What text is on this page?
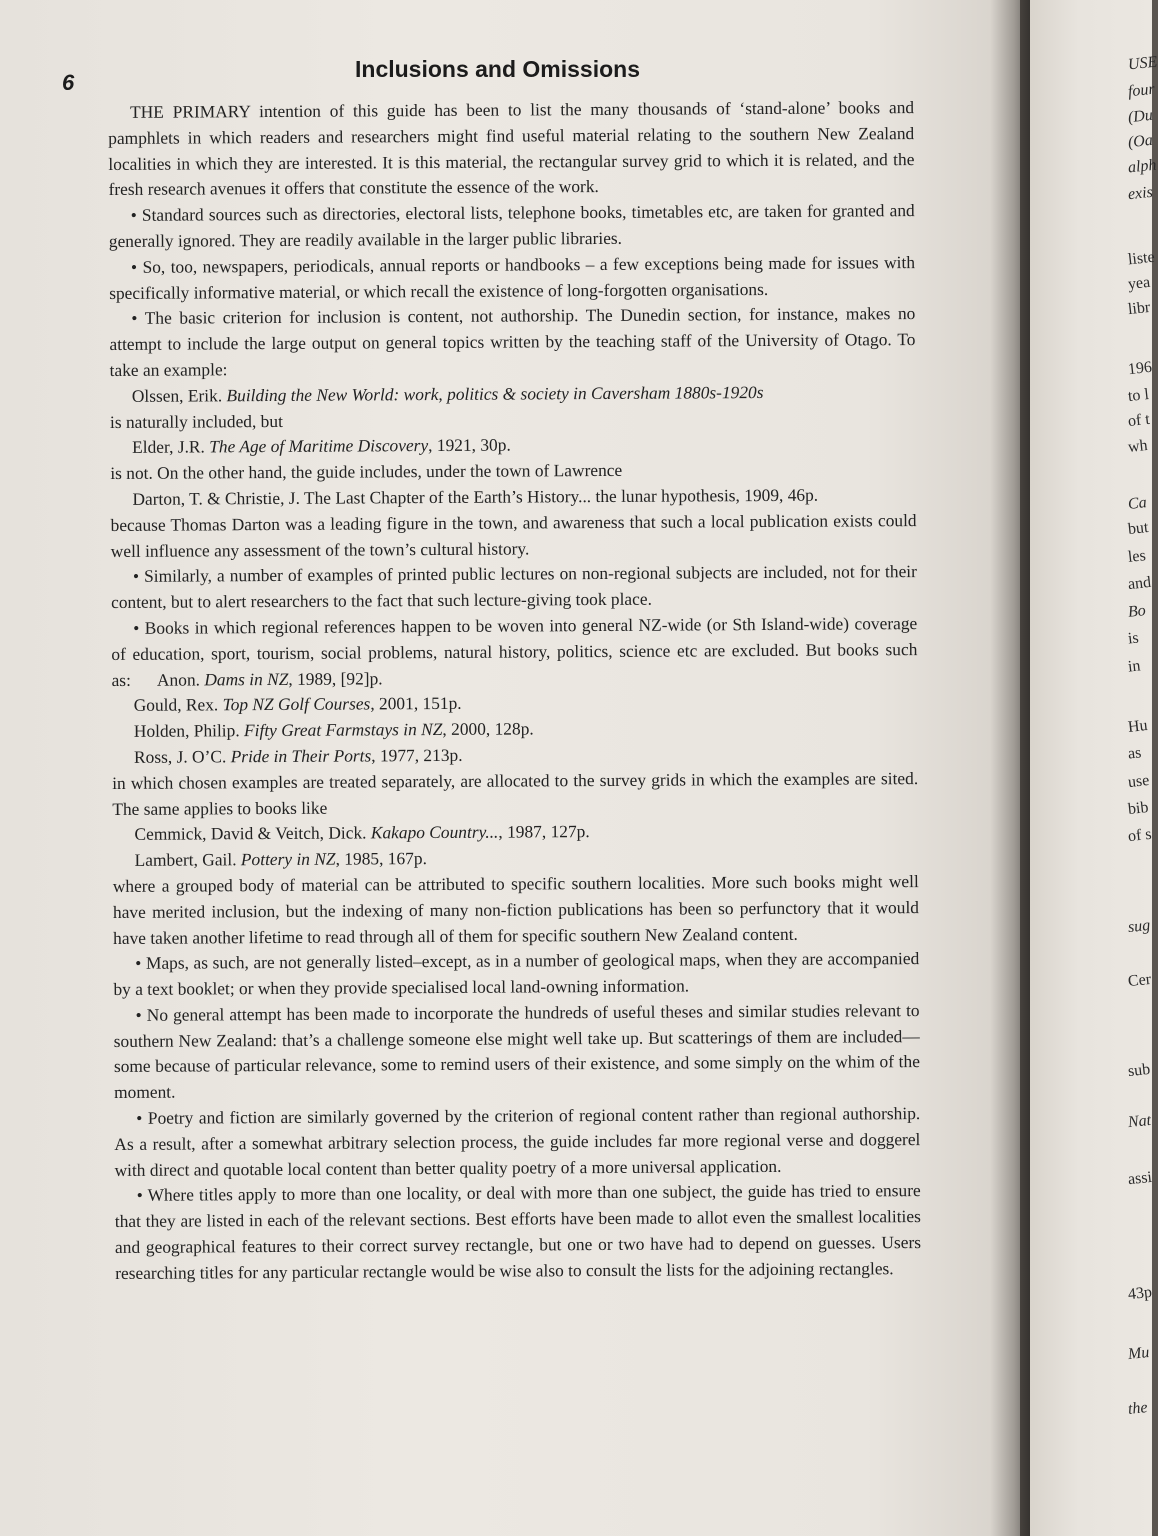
6
Inclusions and Omissions

THE PRIMARY intention of this guide has been to list the many thousands of ‘stand-alone’ books and pamphlets in which readers and researchers might find useful material relating to the southern New Zealand localities in which they are interested. It is this material, the rectangular survey grid to which it is related, and the fresh research avenues it offers that constitute the essence of the work.

• Standard sources such as directories, electoral lists, telephone books, timetables etc, are taken for granted and generally ignored. They are readily available in the larger public libraries.

• So, too, newspapers, periodicals, annual reports or handbooks – a few exceptions being made for issues with specifically informative material, or which recall the existence of long-forgotten organisations.

• The basic criterion for inclusion is content, not authorship. The Dunedin section, for instance, makes no attempt to include the large output on general topics written by the teaching staff of the University of Otago. To take an example:

Olssen, Erik. Building the New World: work, politics & society in Caversham 1880s-1920s

is naturally included, but

Elder, J.R. The Age of Maritime Discovery, 1921, 30p.

is not. On the other hand, the guide includes, under the town of Lawrence

Darton, T. & Christie, J. The Last Chapter of the Earth’s History... the lunar hypothesis, 1909, 46p.

because Thomas Darton was a leading figure in the town, and awareness that such a local publication exists could well influence any assessment of the town’s cultural history.

• Similarly, a number of examples of printed public lectures on non-regional subjects are included, not for their content, but to alert researchers to the fact that such lecture-giving took place.

• Books in which regional references happen to be woven into general NZ-wide (or Sth Island-wide) coverage of education, sport, tourism, social problems, natural history, politics, science etc are excluded. But books such as: Anon. Dams in NZ, 1989, [92]p.

Gould, Rex. Top NZ Golf Courses, 2001, 151p.

Holden, Philip. Fifty Great Farmstays in NZ, 2000, 128p.

Ross, J. O’C. Pride in Their Ports, 1977, 213p.

in which chosen examples are treated separately, are allocated to the survey grids in which the examples are sited. The same applies to books like

Cemmick, David & Veitch, Dick. Kakapo Country..., 1987, 127p.

Lambert, Gail. Pottery in NZ, 1985, 167p.

where a grouped body of material can be attributed to specific southern localities. More such books might well have merited inclusion, but the indexing of many non-fiction publications has been so perfunctory that it would have taken another lifetime to read through all of them for specific southern New Zealand content.

• Maps, as such, are not generally listed–except, as in a number of geological maps, when they are accompanied by a text booklet; or when they provide specialised local land-owning information.

• No general attempt has been made to incorporate the hundreds of useful theses and similar studies relevant to southern New Zealand: that’s a challenge someone else might well take up. But scatterings of them are included—some because of particular relevance, some to remind users of their existence, and some simply on the whim of the moment.

• Poetry and fiction are similarly governed by the criterion of regional content rather than regional authorship. As a result, after a somewhat arbitrary selection process, the guide includes far more regional verse and doggerel with direct and quotable local content than better quality poetry of a more universal application.

• Where titles apply to more than one locality, or deal with more than one subject, the guide has tried to ensure that they are listed in each of the relevant sections. Best efforts have been made to allot even the smallest localities and geographical features to their correct survey rectangle, but one or two have had to depend on guesses. Users researching titles for any particular rectangle would be wise also to consult the lists for the adjoining rectangles.

USE
four
(Du
(Oa
alph
exis
liste
yea
libr
196
to l
of t
wh
Ca
but
les
and
Bo
is
in
Hu
as
use
bib
of s
sug
Cer
sub
Nat
assi
43p
Mu
the
